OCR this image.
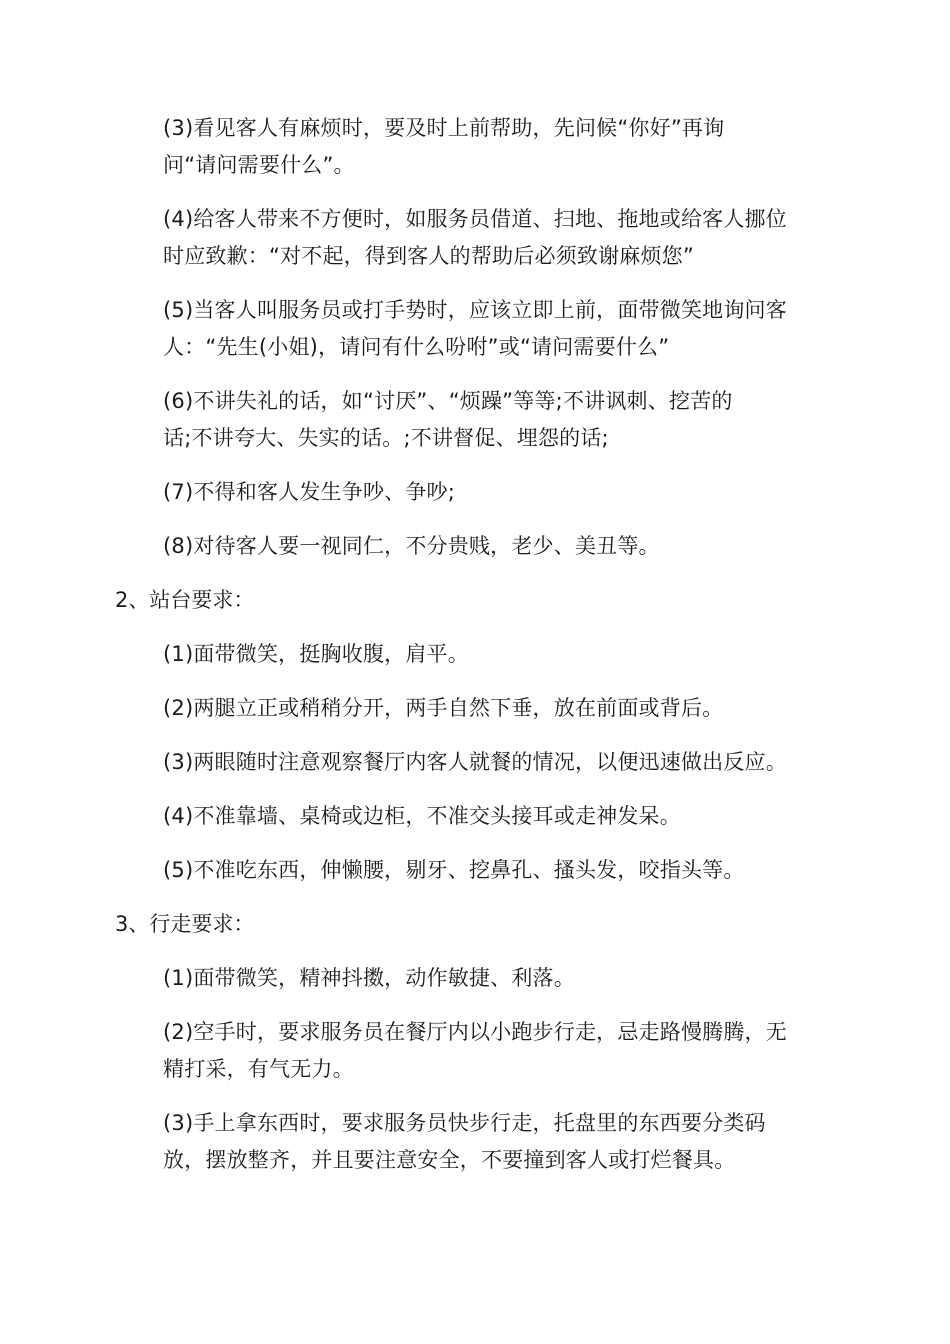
(3)看见客人有麻烦时，要及时上前帮助，先问候“你好”再询
问“请问需要什么”。

(4)给客人带来不方便时，如服务员借道、扫地、拖地或给客人挪位
时应致歉：“对不起，得到客人的帮助后必须致谢麻烦您”

(5)当客人叫服务员或打手势时，应该立即上前，面带微笑地询问客
人：“先生(小姐)，请问有什么吩咐”或“请问需要什么”

(6)不讲失礼的话，如“讨厌”、“烦躁”等等;不讲讽刺、挖苦的
话;不讲夸大、失实的话。;不讲督促、埋怨的话;

(7)不得和客人发生争吵、争吵;

(8)对待客人要一视同仁，不分贵贱，老少、美丑等。

2、站台要求：

(1)面带微笑，挺胸收腹，肩平。

(2)两腿立正或稍稍分开，两手自然下垂，放在前面或背后。

(3)两眼随时注意观察餐厅内客人就餐的情况，以便迅速做出反应。

(4)不准靠墙、桌椅或边柜，不准交头接耳或走神发呆。

(5)不准吃东西，伸懒腰，剔牙、挖鼻孔、搔头发，咬指头等。

3、行走要求：

(1)面带微笑，精神抖擞，动作敏捷、利落。

(2)空手时，要求服务员在餐厅内以小跑步行走，忌走路慢腾腾，无
精打采，有气无力。

(3)手上拿东西时，要求服务员快步行走，托盘里的东西要分类码
放，摆放整齐，并且要注意安全，不要撞到客人或打烂餐具。
